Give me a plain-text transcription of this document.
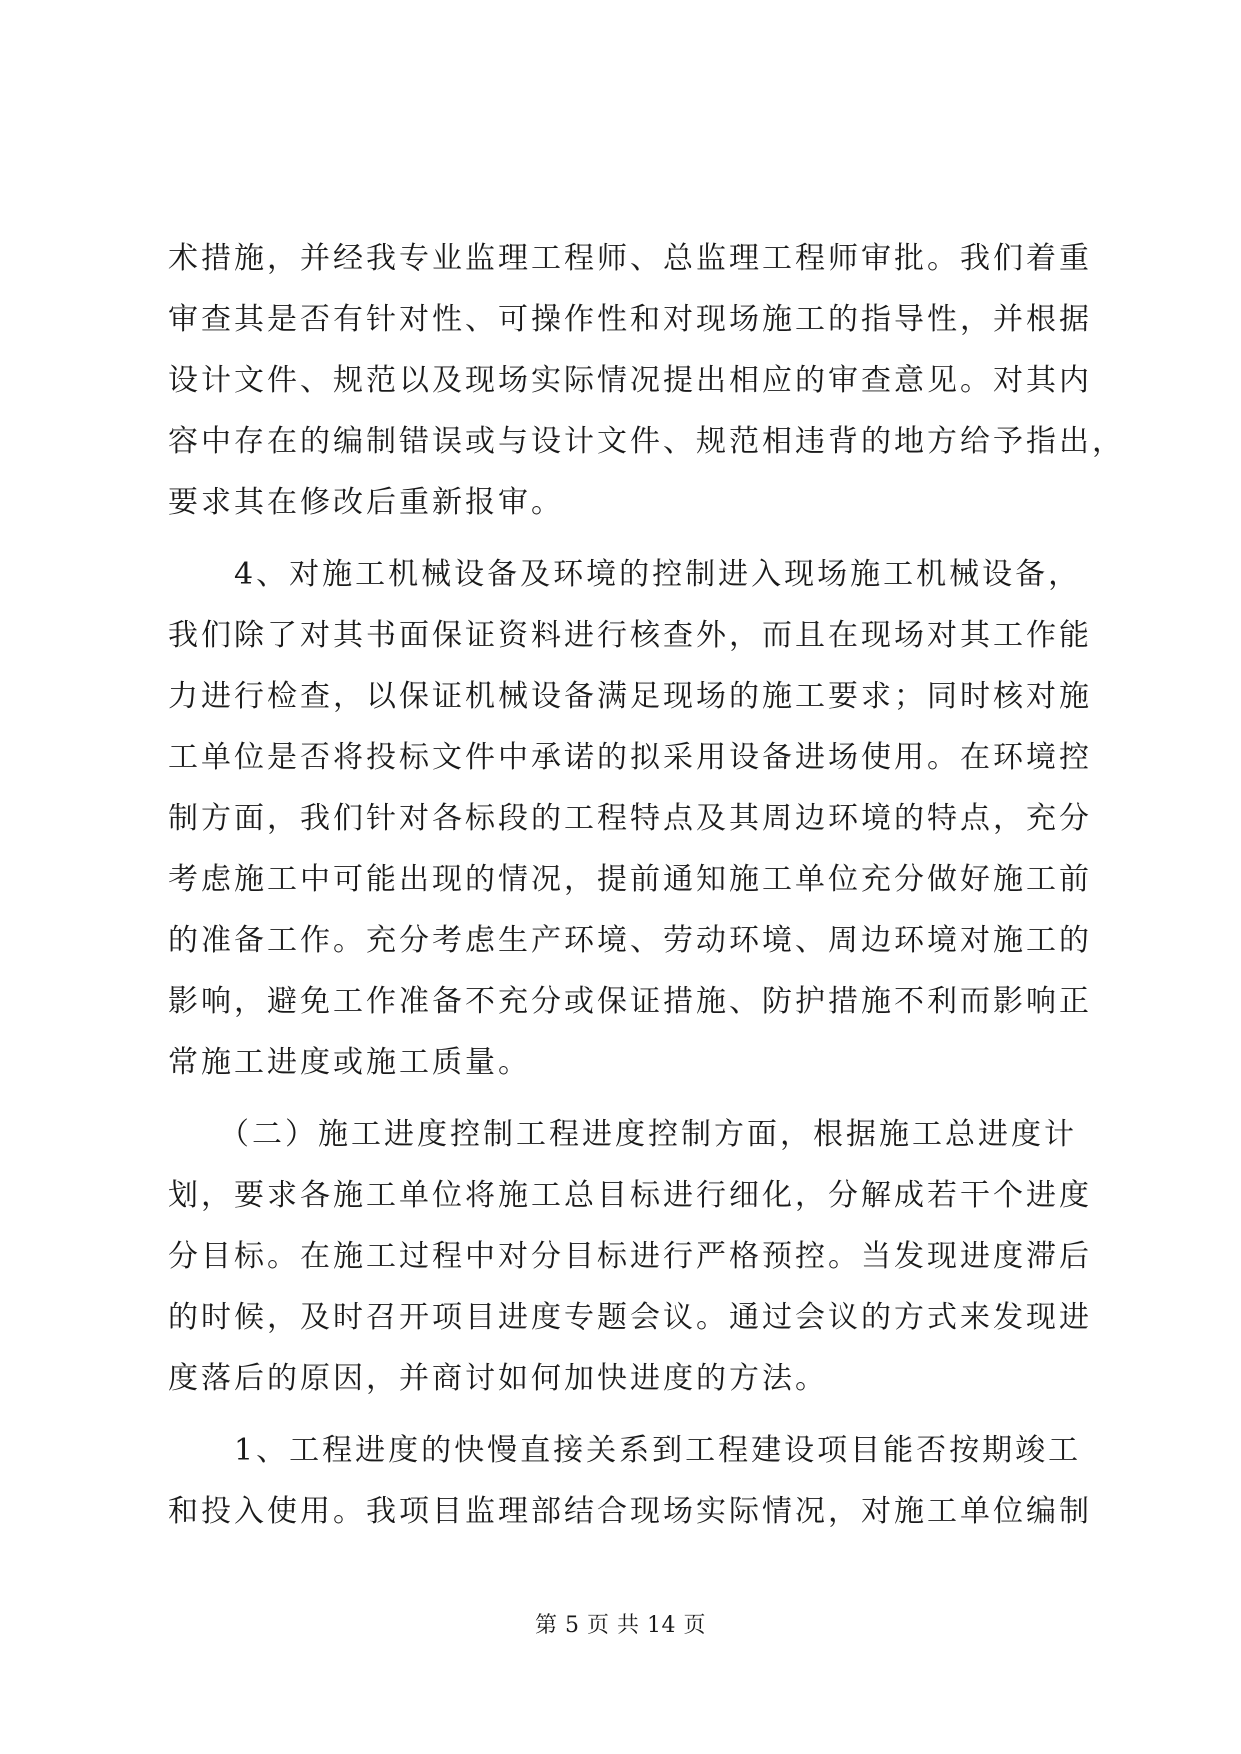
术措施，并经我专业监理工程师、总监理工程师审批。我们着重
审查其是否有针对性、可操作性和对现场施工的指导性，并根据
设计文件、规范以及现场实际情况提出相应的审查意见。对其内
容中存在的编制错误或与设计文件、规范相违背的地方给予指出，
要求其在修改后重新报审。
　　4、对施工机械设备及环境的控制进入现场施工机械设备，
我们除了对其书面保证资料进行核查外，而且在现场对其工作能
力进行检查，以保证机械设备满足现场的施工要求；同时核对施
工单位是否将投标文件中承诺的拟采用设备进场使用。在环境控
制方面，我们针对各标段的工程特点及其周边环境的特点，充分
考虑施工中可能出现的情况，提前通知施工单位充分做好施工前
的准备工作。充分考虑生产环境、劳动环境、周边环境对施工的
影响，避免工作准备不充分或保证措施、防护措施不利而影响正
常施工进度或施工质量。
　　（二）施工进度控制工程进度控制方面，根据施工总进度计
划，要求各施工单位将施工总目标进行细化，分解成若干个进度
分目标。在施工过程中对分目标进行严格预控。当发现进度滞后
的时候，及时召开项目进度专题会议。通过会议的方式来发现进
度落后的原因，并商讨如何加快进度的方法。
　　1、工程进度的快慢直接关系到工程建设项目能否按期竣工
和投入使用。我项目监理部结合现场实际情况，对施工单位编制
第 5 页 共 14 页
